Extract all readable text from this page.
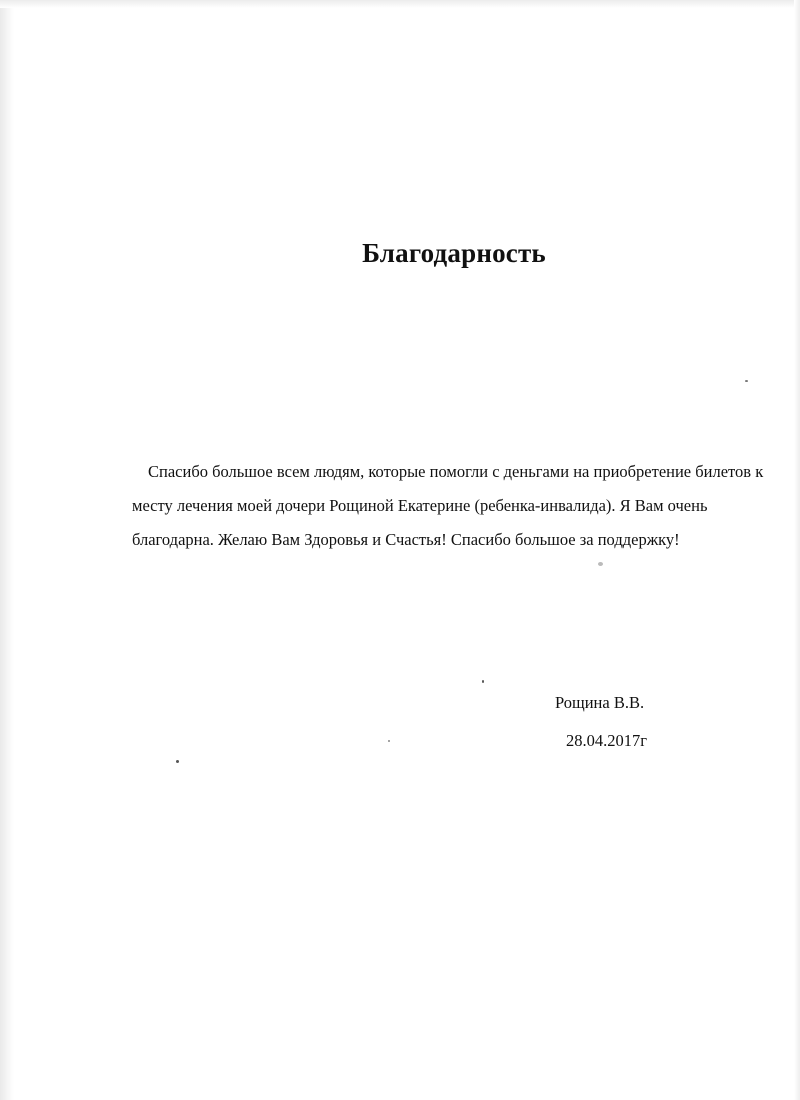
Благодарность

Спасибо большое всем людям, которые помогли с деньгами на приобретение билетов к
месту лечения моей дочери Рощиной Екатерине (ребенка-инвалида). Я Вам очень
благодарна. Желаю Вам Здоровья и Счастья! Спасибо большое за поддержку!

Рощина В.В.

28.04.2017г
